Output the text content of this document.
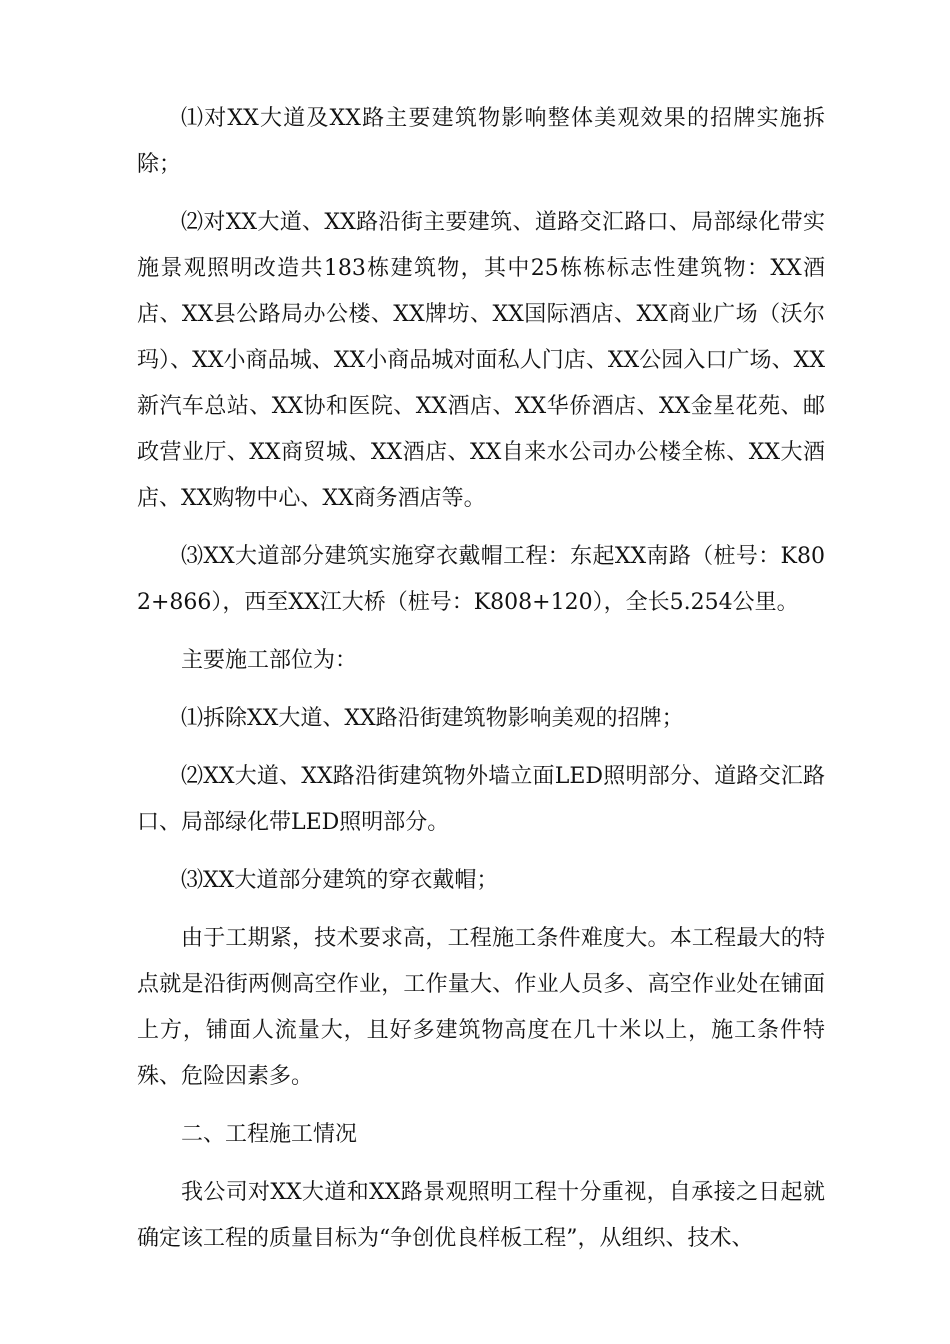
⑴对XX大道及XX路主要建筑物影响整体美观效果的招牌实施拆除；

⑵对XX大道、XX路沿街主要建筑、道路交汇路口、局部绿化带实施景观照明改造共183栋建筑物，其中25栋栋标志性建筑物：XX酒店、XX县公路局办公楼、XX牌坊、XX国际酒店、XX商业广场（沃尔玛）、XX小商品城、XX小商品城对面私人门店、XX公园入口广场、XX新汽车总站、XX协和医院、XX酒店、XX华侨酒店、XX金星花苑、邮政营业厅、XX商贸城、XX酒店、XX自来水公司办公楼全栋、XX大酒店、XX购物中心、XX商务酒店等。

⑶XX大道部分建筑实施穿衣戴帽工程：东起XX南路（桩号：K802+866），西至XX江大桥（桩号：K808+120），全长5.254公里。

主要施工部位为：

⑴拆除XX大道、XX路沿街建筑物影响美观的招牌；

⑵XX大道、XX路沿街建筑物外墙立面LED照明部分、道路交汇路口、局部绿化带LED照明部分。

⑶XX大道部分建筑的穿衣戴帽；

由于工期紧，技术要求高，工程施工条件难度大。本工程最大的特点就是沿街两侧高空作业，工作量大、作业人员多、高空作业处在铺面上方，铺面人流量大，且好多建筑物高度在几十米以上，施工条件特殊、危险因素多。

二、工程施工情况

我公司对XX大道和XX路景观照明工程十分重视，自承接之日起就确定该工程的质量目标为“争创优良样板工程”，从组织、技术、
